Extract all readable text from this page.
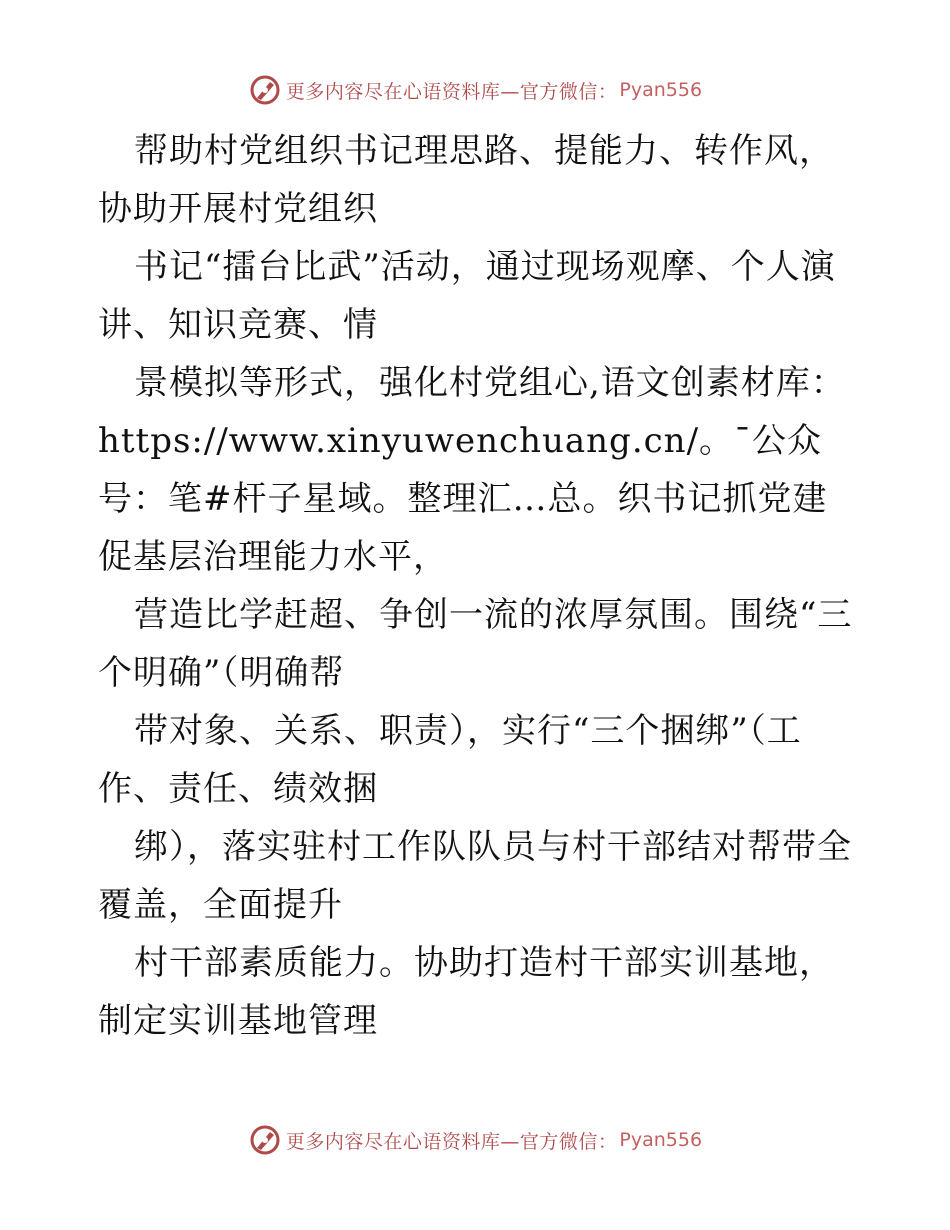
更多内容尽在心语资料库—官方微信： Pyan556

帮助村党组织书记理思路、提能力、转作风，协助开展村党组织

书记“擂台比武”活动，通过现场观摩、个人演讲、知识竞赛、情

景模拟等形式，强化村党组心,语文创素材库：https://www.xinyuwenchuang.cn/。¯公众号：笔#杆子星域。整理汇…总。织书记抓党建促基层治理能力水平，

营造比学赶超、争创一流的浓厚氛围。围绕“三个明确”（明确帮

带对象、关系、职责），实行“三个捆绑”（工作、责任、绩效捆

绑），落实驻村工作队队员与村干部结对帮带全覆盖，全面提升

村干部素质能力。协助打造村干部实训基地，制定实训基地管理

更多内容尽在心语资料库—官方微信： Pyan556
